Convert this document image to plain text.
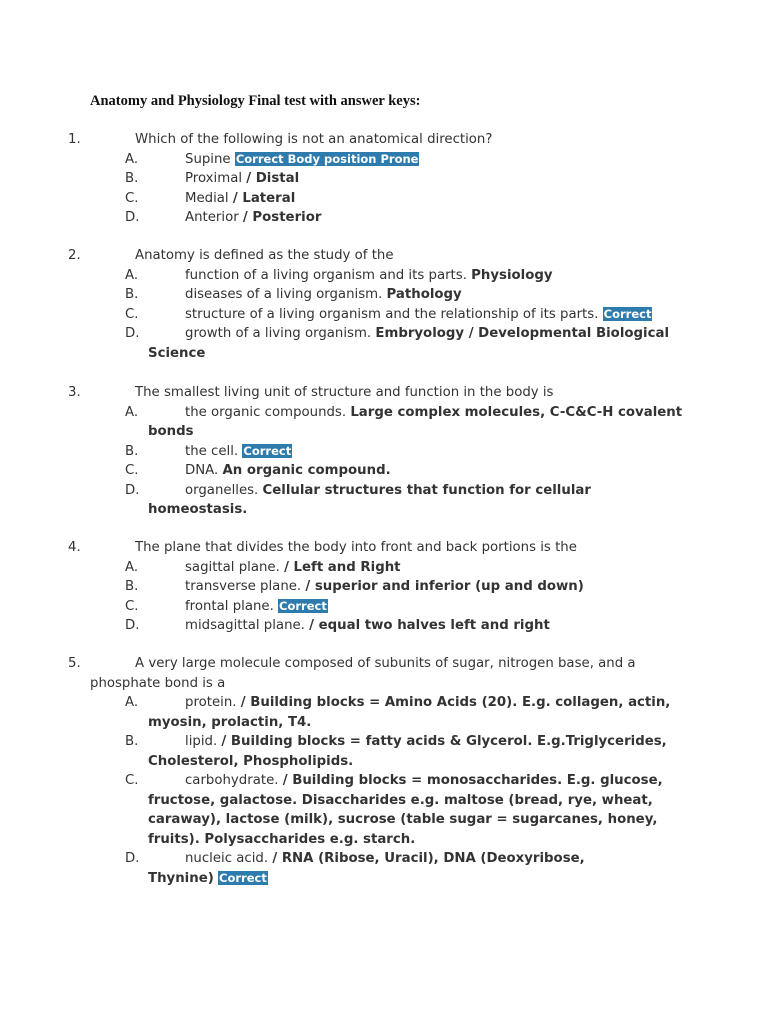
Anatomy and Physiology Final test with answer keys:
1.	Which of the following is not an anatomical direction?
A.	Supine Correct Body position Prone
B.	Proximal / Distal
C.	Medial / Lateral
D.	Anterior / Posterior
2.	Anatomy is defined as the study of the
A.	function of a living organism and its parts. Physiology
B.	diseases of a living organism. Pathology
C.	structure of a living organism and the relationship of its parts. Correct
D.	growth of a living organism. Embryology / Developmental Biological
Science
3.	The smallest living unit of structure and function in the body is
A.	the organic compounds. Large complex molecules, C-C&C-H covalent
bonds
B.	the cell. Correct
C.	DNA. An organic compound.
D.	organelles. Cellular structures that function for cellular
homeostasis.
4.	The plane that divides the body into front and back portions is the
A.	sagittal plane. / Left and Right
B.	transverse plane. / superior and inferior (up and down)
C.	frontal plane. Correct
D.	midsagittal plane. / equal two halves left and right
5.	A very large molecule composed of subunits of sugar, nitrogen base, and a
phosphate bond is a
A.	protein. / Building blocks = Amino Acids (20). E.g. collagen, actin,
myosin, prolactin, T4.
B.	lipid. / Building blocks = fatty acids & Glycerol. E.g.Triglycerides,
Cholesterol, Phospholipids.
C.	carbohydrate. / Building blocks = monosaccharides. E.g. glucose,
fructose, galactose. Disaccharides e.g. maltose (bread, rye, wheat,
caraway), lactose (milk), sucrose (table sugar = sugarcanes, honey,
fruits). Polysaccharides e.g. starch.
D.	nucleic acid. / RNA (Ribose, Uracil), DNA (Deoxyribose,
Thynine) Correct
